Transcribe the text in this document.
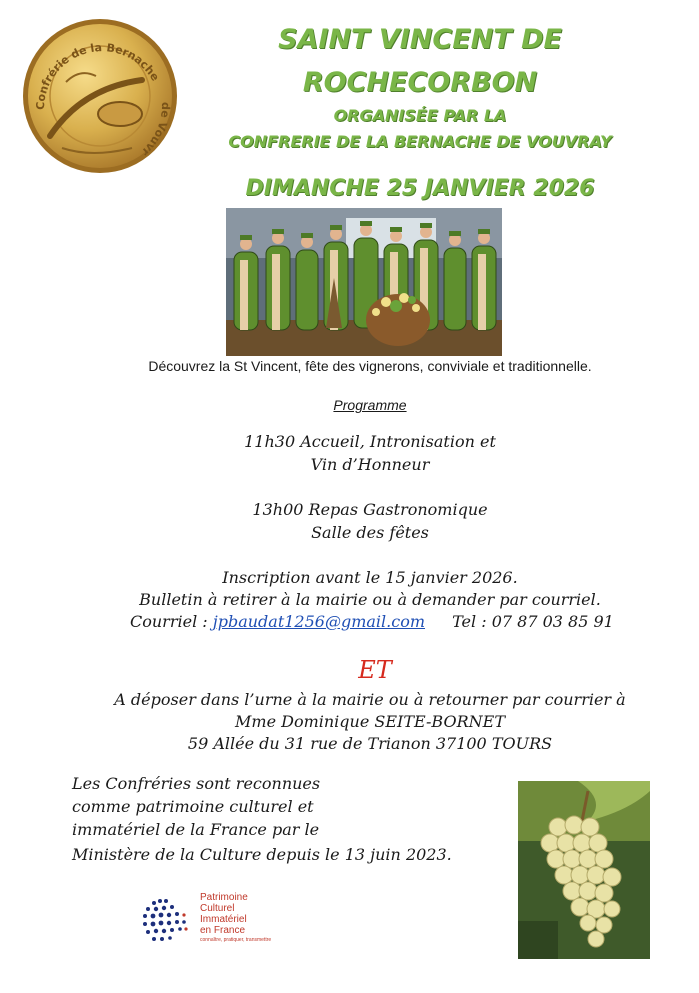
Confrérie de la Bernache
de Vouvr
SAINT VINCENT DE
ROCHECORBON
ORGANISÉE PAR LA
CONFRERIE DE LA BERNACHE DE VOUVRAY
DIMANCHE 25 JANVIER 2026
Découvrez la St Vincent, fête des vignerons, conviviale et traditionnelle.
Programme
11h30 Accueil, Intronisation et
Vin d’Honneur
13h00 Repas Gastronomique
Salle des fêtes
Inscription avant le 15 janvier 2026.
Bulletin à retirer à la mairie ou à demander par courriel.
Courriel : jpbaudat1256@gmail.com Tel : 07 87 03 85 91
ET
A déposer dans l’urne à la mairie ou à retourner par courrier à
Mme Dominique SEITE-BORNET
59 Allée du 31 rue de Trianon 37100 TOURS
Les Confréries sont reconnues
comme patrimoine culturel et
immatériel de la France par le
Ministère de la Culture depuis le 13 juin 2023.
Patrimoine
Culturel
Immatériel
en France
connaître, pratiquer, transmettre
